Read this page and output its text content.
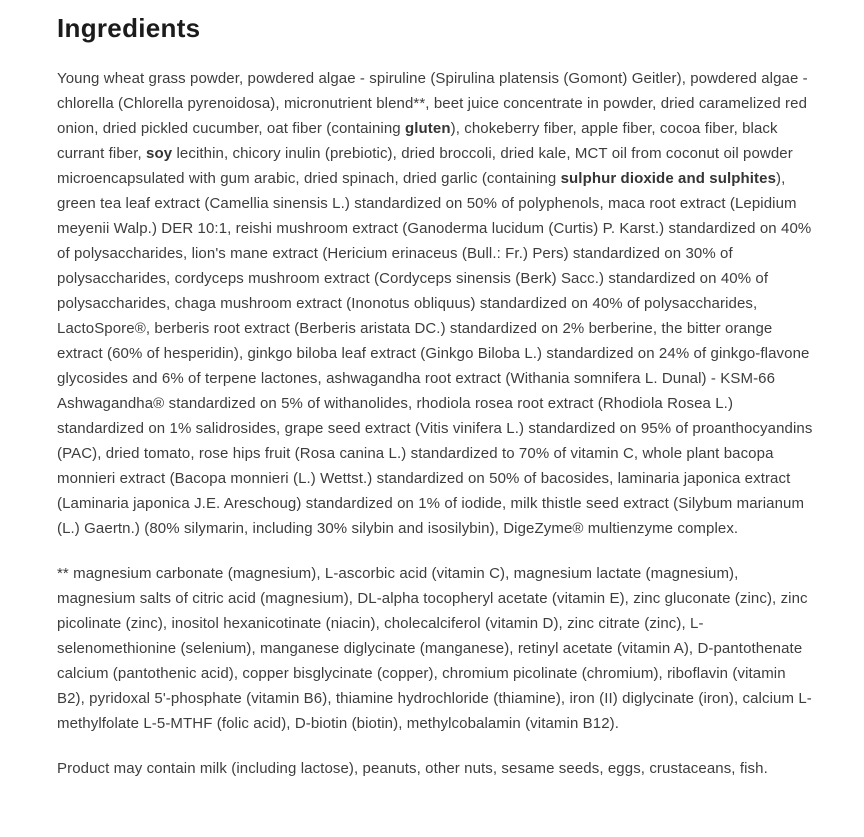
Ingredients

Young wheat grass powder, powdered algae - spiruline (Spirulina platensis (Gomont) Geitler), powdered algae - chlorella (Chlorella pyrenoidosa), micronutrient blend**, beet juice concentrate in powder, dried caramelized red onion, dried pickled cucumber, oat fiber (containing gluten), chokeberry fiber, apple fiber, cocoa fiber, black currant fiber, soy lecithin, chicory inulin (prebiotic), dried broccoli, dried kale, MCT oil from coconut oil powder microencapsulated with gum arabic, dried spinach, dried garlic (containing sulphur dioxide and sulphites), green tea leaf extract (Camellia sinensis L.) standardized on 50% of polyphenols, maca root extract (Lepidium meyenii Walp.) DER 10:1, reishi mushroom extract (Ganoderma lucidum (Curtis) P. Karst.) standardized on 40% of polysaccharides, lion's mane extract (Hericium erinaceus (Bull.: Fr.) Pers) standardized on 30% of polysaccharides, cordyceps mushroom extract (Cordyceps sinensis (Berk) Sacc.) standardized on 40% of polysaccharides, chaga mushroom extract (Inonotus obliquus) standardized on 40% of polysaccharides, LactoSpore®, berberis root extract (Berberis aristata DC.) standardized on 2% berberine, the bitter orange extract (60% of hesperidin), ginkgo biloba leaf extract (Ginkgo Biloba L.) standardized on 24% of ginkgo-flavone glycosides and 6% of terpene lactones, ashwagandha root extract (Withania somnifera L. Dunal) - KSM-66 Ashwagandha® standardized on 5% of withanolides, rhodiola rosea root extract (Rhodiola Rosea L.) standardized on 1% salidrosides, grape seed extract (Vitis vinifera L.) standardized on 95% of proanthocyandins (PAC), dried tomato, rose hips fruit (Rosa canina L.) standardized to 70% of vitamin C, whole plant bacopa monnieri extract (Bacopa monnieri (L.) Wettst.) standardized on 50% of bacosides, laminaria japonica extract (Laminaria japonica J.E. Areschoug) standardized on 1% of iodide, milk thistle seed extract (Silybum marianum (L.) Gaertn.) (80% silymarin, including 30% silybin and isosilybin), DigeZyme® multienzyme complex.

** magnesium carbonate (magnesium), L-ascorbic acid (vitamin C), magnesium lactate (magnesium), magnesium salts of citric acid (magnesium), DL-alpha tocopheryl acetate (vitamin E), zinc gluconate (zinc), zinc picolinate (zinc), inositol hexanicotinate (niacin), cholecalciferol (vitamin D), zinc citrate (zinc), L-selenomethionine (selenium), manganese diglycinate (manganese), retinyl acetate (vitamin A), D-pantothenate calcium (pantothenic acid), copper bisglycinate (copper), chromium picolinate (chromium), riboflavin (vitamin B2), pyridoxal 5'-phosphate (vitamin B6), thiamine hydrochloride (thiamine), iron (II) diglycinate (iron), calcium L-methylfolate L-5-MTHF (folic acid), D-biotin (biotin), methylcobalamin (vitamin B12).

Product may contain milk (including lactose), peanuts, other nuts, sesame seeds, eggs, crustaceans, fish.
